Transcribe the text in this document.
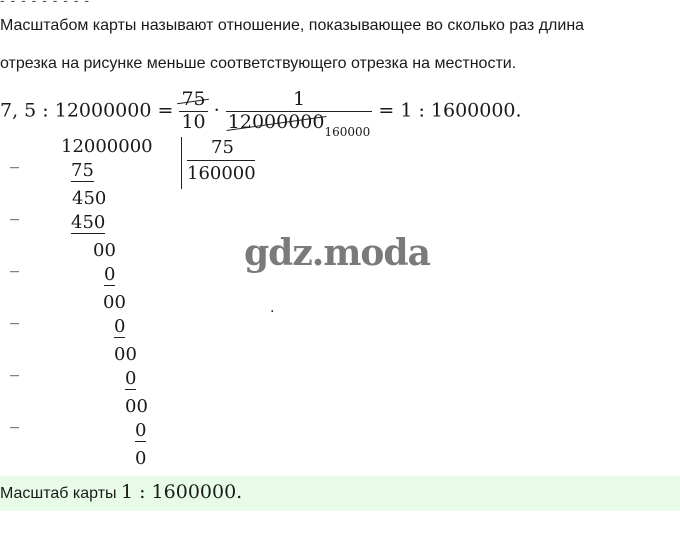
- - - - - - - - -
Масштабом карты называют отношение, показывающее во сколько раз длина
отрезка на рисунке меньше соответствующего отрезка на местности.
7, 5 : $12000000 = \frac{75}{10} \cdot \frac{1}{12000000_{160000}} = 1$ : 1600000.
12000000	75
160000
_
75
450
_
450
00
_
0
00
_
0
00
_
0
00
_
0
0
gdz.moda
.
Масштаб карты 1 : 1600000.
